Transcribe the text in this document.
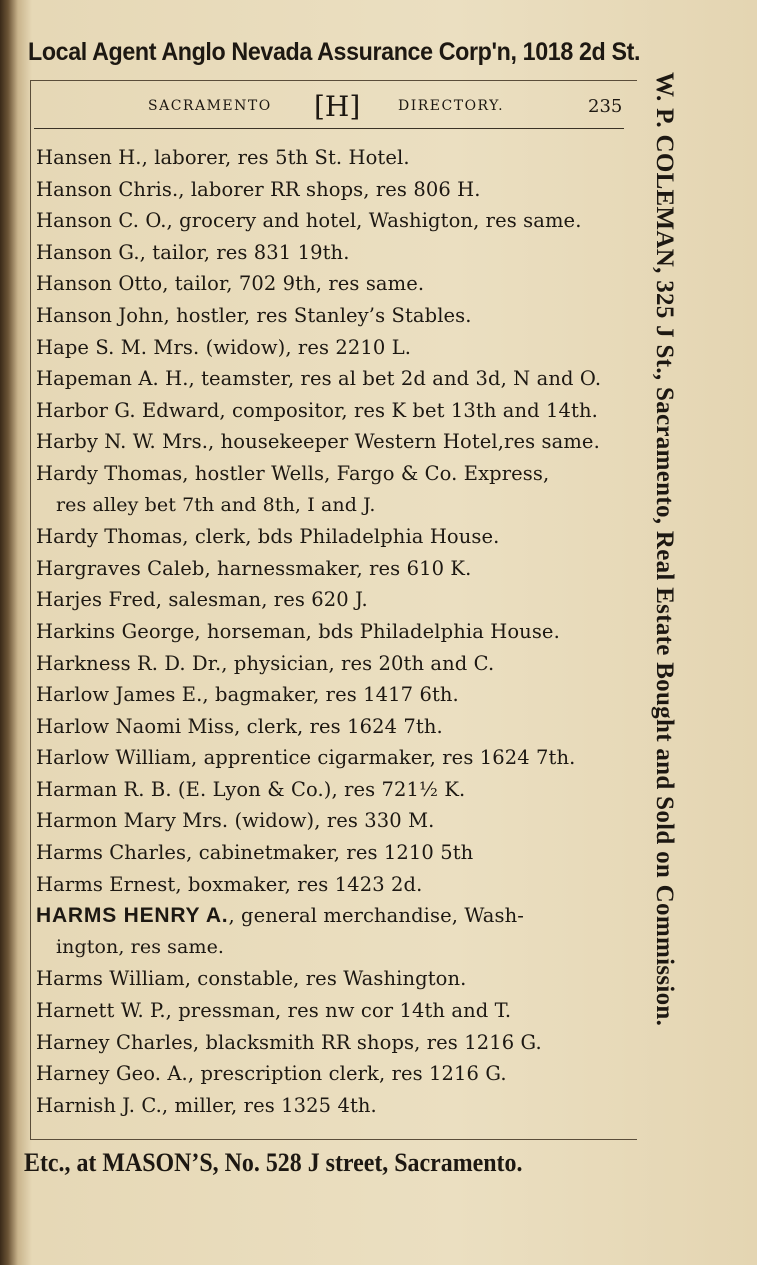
Local Agent Anglo Nevada Assurance Corp'n, 1018 2d St.
SACRAMENTO [H]	DIRECTORY.	235
Hansen H., laborer, res 5th St. Hotel.
Hanson Chris., laborer RR shops, res 806 H.
Hanson C. O., grocery and hotel, Washigton, res same.
Hanson G., tailor, res 831 19th.
Hanson Otto, tailor, 702 9th, res same.
Hanson John, hostler, res Stanley’s Stables.
Hape S. M. Mrs. (widow), res 2210 L.
Hapeman A. H., teamster, res al bet 2d and 3d, N and O.
Harbor G. Edward, compositor, res K bet 13th and 14th.
Harby N. W. Mrs., housekeeper Western Hotel,res same.
Hardy Thomas, hostler Wells, Fargo & Co. Express,
res alley bet 7th and 8th, I and J.
Hardy Thomas, clerk, bds Philadelphia House.
Hargraves Caleb, harnessmaker, res 610 K.
Harjes Fred, salesman, res 620 J.
Harkins George, horseman, bds Philadelphia House.
Harkness R. D. Dr., physician, res 20th and C.
Harlow James E., bagmaker, res 1417 6th.
Harlow Naomi Miss, clerk, res 1624 7th.
Harlow William, apprentice cigarmaker, res 1624 7th.
Harman R. B. (E. Lyon & Co.), res 721½ K.
Harmon Mary Mrs. (widow), res 330 M.
Harms Charles, cabinetmaker, res 1210 5th
Harms Ernest, boxmaker, res 1423 2d.
HARMS HENRY A., general merchandise, Wash-
ington, res same.
Harms William, constable, res Washington.
Harnett W. P., pressman, res nw cor 14th and T.
Harney Charles, blacksmith RR shops, res 1216 G.
Harney Geo. A., prescription clerk, res 1216 G.
Harnish J. C., miller, res 1325 4th.
W. P. COLEMAN, 325 J St., Sacramento, Real Estate Bought and Sold on Commission.
Etc., at MASON’S, No. 528 J street, Sacramento.
